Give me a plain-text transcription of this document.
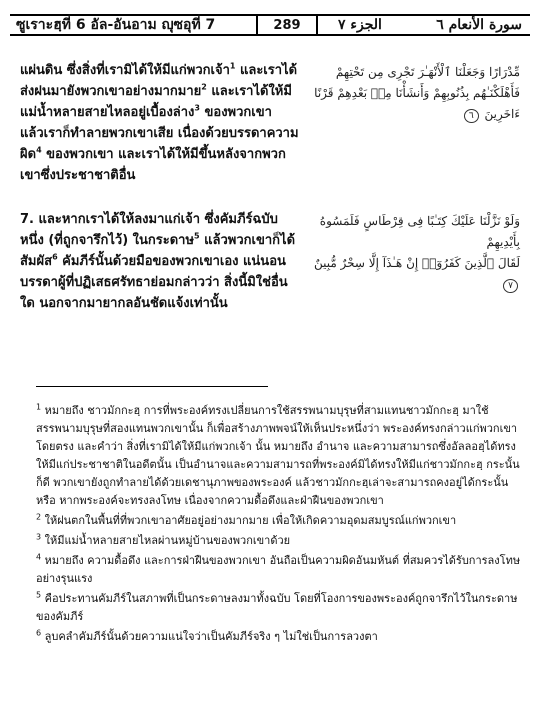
ซูเราะฮฺที่ 6 อัล-อันอาม ญุซอุที่ 7	289	سورة الأنعام ٦
الجزء ٧

แผ่นดิน ซึ่งสิ่งที่เรามิได้ให้มีแก่พวกเจ้า$^1$ และเราได้ส่งฝนมายังพวกเขาอย่างมากมาย$^2$ และเราได้ให้มีแม่น้ำหลายสายไหลอยู่เบื้องล่าง$^3$ ของพวกเขา แล้วเราก็ทำลายพวกเขาเสีย เนื่องด้วยบรรดาความผิด$^4$ ของพวกเขา และเราได้ให้มีขึ้นหลังจากพวกเขาซึ่งประชาชาติอื่น

مِّدْرَارًا وَجَعَلْنَا ٱلْأَنْهَـٰرَ تَجْرِى مِن تَحْتِهِمْ

فَأَهْلَكْنَـٰهُم بِذُنُوبِهِمْ وَأَنشَأْنَا مِنۢ بَعْدِهِمْ قَرْنًا

ءَاخَرِينَ ٦

7. และหากเราได้ให้ลงมาแก่เจ้า ซึ่งคัมภีร์ฉบับหนึ่ง (ที่ถูกจารึกไว้) ในกระดาษ$^5$ แล้วพวกเขาก็ได้สัมผัส$^6$ คัมภีร์นั้นด้วยมือของพวกเขาเอง แน่นอนบรรดาผู้ที่ปฏิเสธศรัทธาย่อมกล่าวว่า สิ่งนี้มิใช่อื่นใด นอกจากมายากลอันชัดแจ้งเท่านั้น

وَلَوْ نَزَّلْنَا عَلَيْكَ كِتَـٰبًا فِى قِرْطَاسٍ فَلَمَسُوهُ بِأَيْدِيهِمْ

لَقَالَ ٱلَّذِينَ كَفَرُوٓا۟ إِنْ هَـٰذَآ إِلَّا سِحْرٌ مُّبِينٌ ٧

$^1$ หมายถึง ชาวมักกะฮฺ การที่พระองค์ทรงเปลี่ยนการใช้สรรพนามบุรุษที่สามแทนชาวมักกะฮฺ มาใช้สรรพนามบุรุษที่สองแทนพวกเขานั้น ก็เพื่อสร้างภาพพจน์ให้เห็นประหนึ่งว่า พระองค์ทรงกล่าวแก่พวกเขาโดยตรง และคำว่า สิ่งที่เรามิได้ให้มีแก่พวกเจ้า นั้น หมายถึง อำนาจ และความสามารถซึ่งอัลลอฮฺได้ทรงให้มีแก่ประชาชาติในอดีตนั้น เป็นอำนาจและความสามารถที่พระองค์มิได้ทรงให้มีแก่ชาวมักกะฮฺ กระนั้นก็ดี พวกเขายังถูกทำลายได้ด้วยเดชานุภาพของพระองค์ แล้วชาวมักกะฮฺเล่าจะสามารถคงอยู่ได้กระนั้นหรือ หากพระองค์จะทรงลงโทษ เนื่องจากความดื้อดึงและฝ่าฝืนของพวกเขา

$^2$ ให้ฝนตกในพื้นที่ที่พวกเขาอาศัยอยู่อย่างมากมาย เพื่อให้เกิดความอุดมสมบูรณ์แก่พวกเขา

$^3$ ให้มีแม่น้ำหลายสายไหลผ่านหมู่บ้านของพวกเขาด้วย

$^4$ หมายถึง ความดื้อดึง และการฝ่าฝืนของพวกเขา อันถือเป็นความผิดอันมหันต์ ที่สมควรได้รับการลงโทษอย่างรุนแรง

$^5$ คือประทานคัมภีร์ในสภาพที่เป็นกระดาษลงมาทั้งฉบับ โดยที่โองการของพระองค์ถูกจารึกไว้ในกระดาษของคัมภีร์

$^6$ ลูบคลำคัมภีร์นั้นด้วยความแน่ใจว่าเป็นคัมภีร์จริง ๆ ไม่ใช่เป็นการลวงตา
